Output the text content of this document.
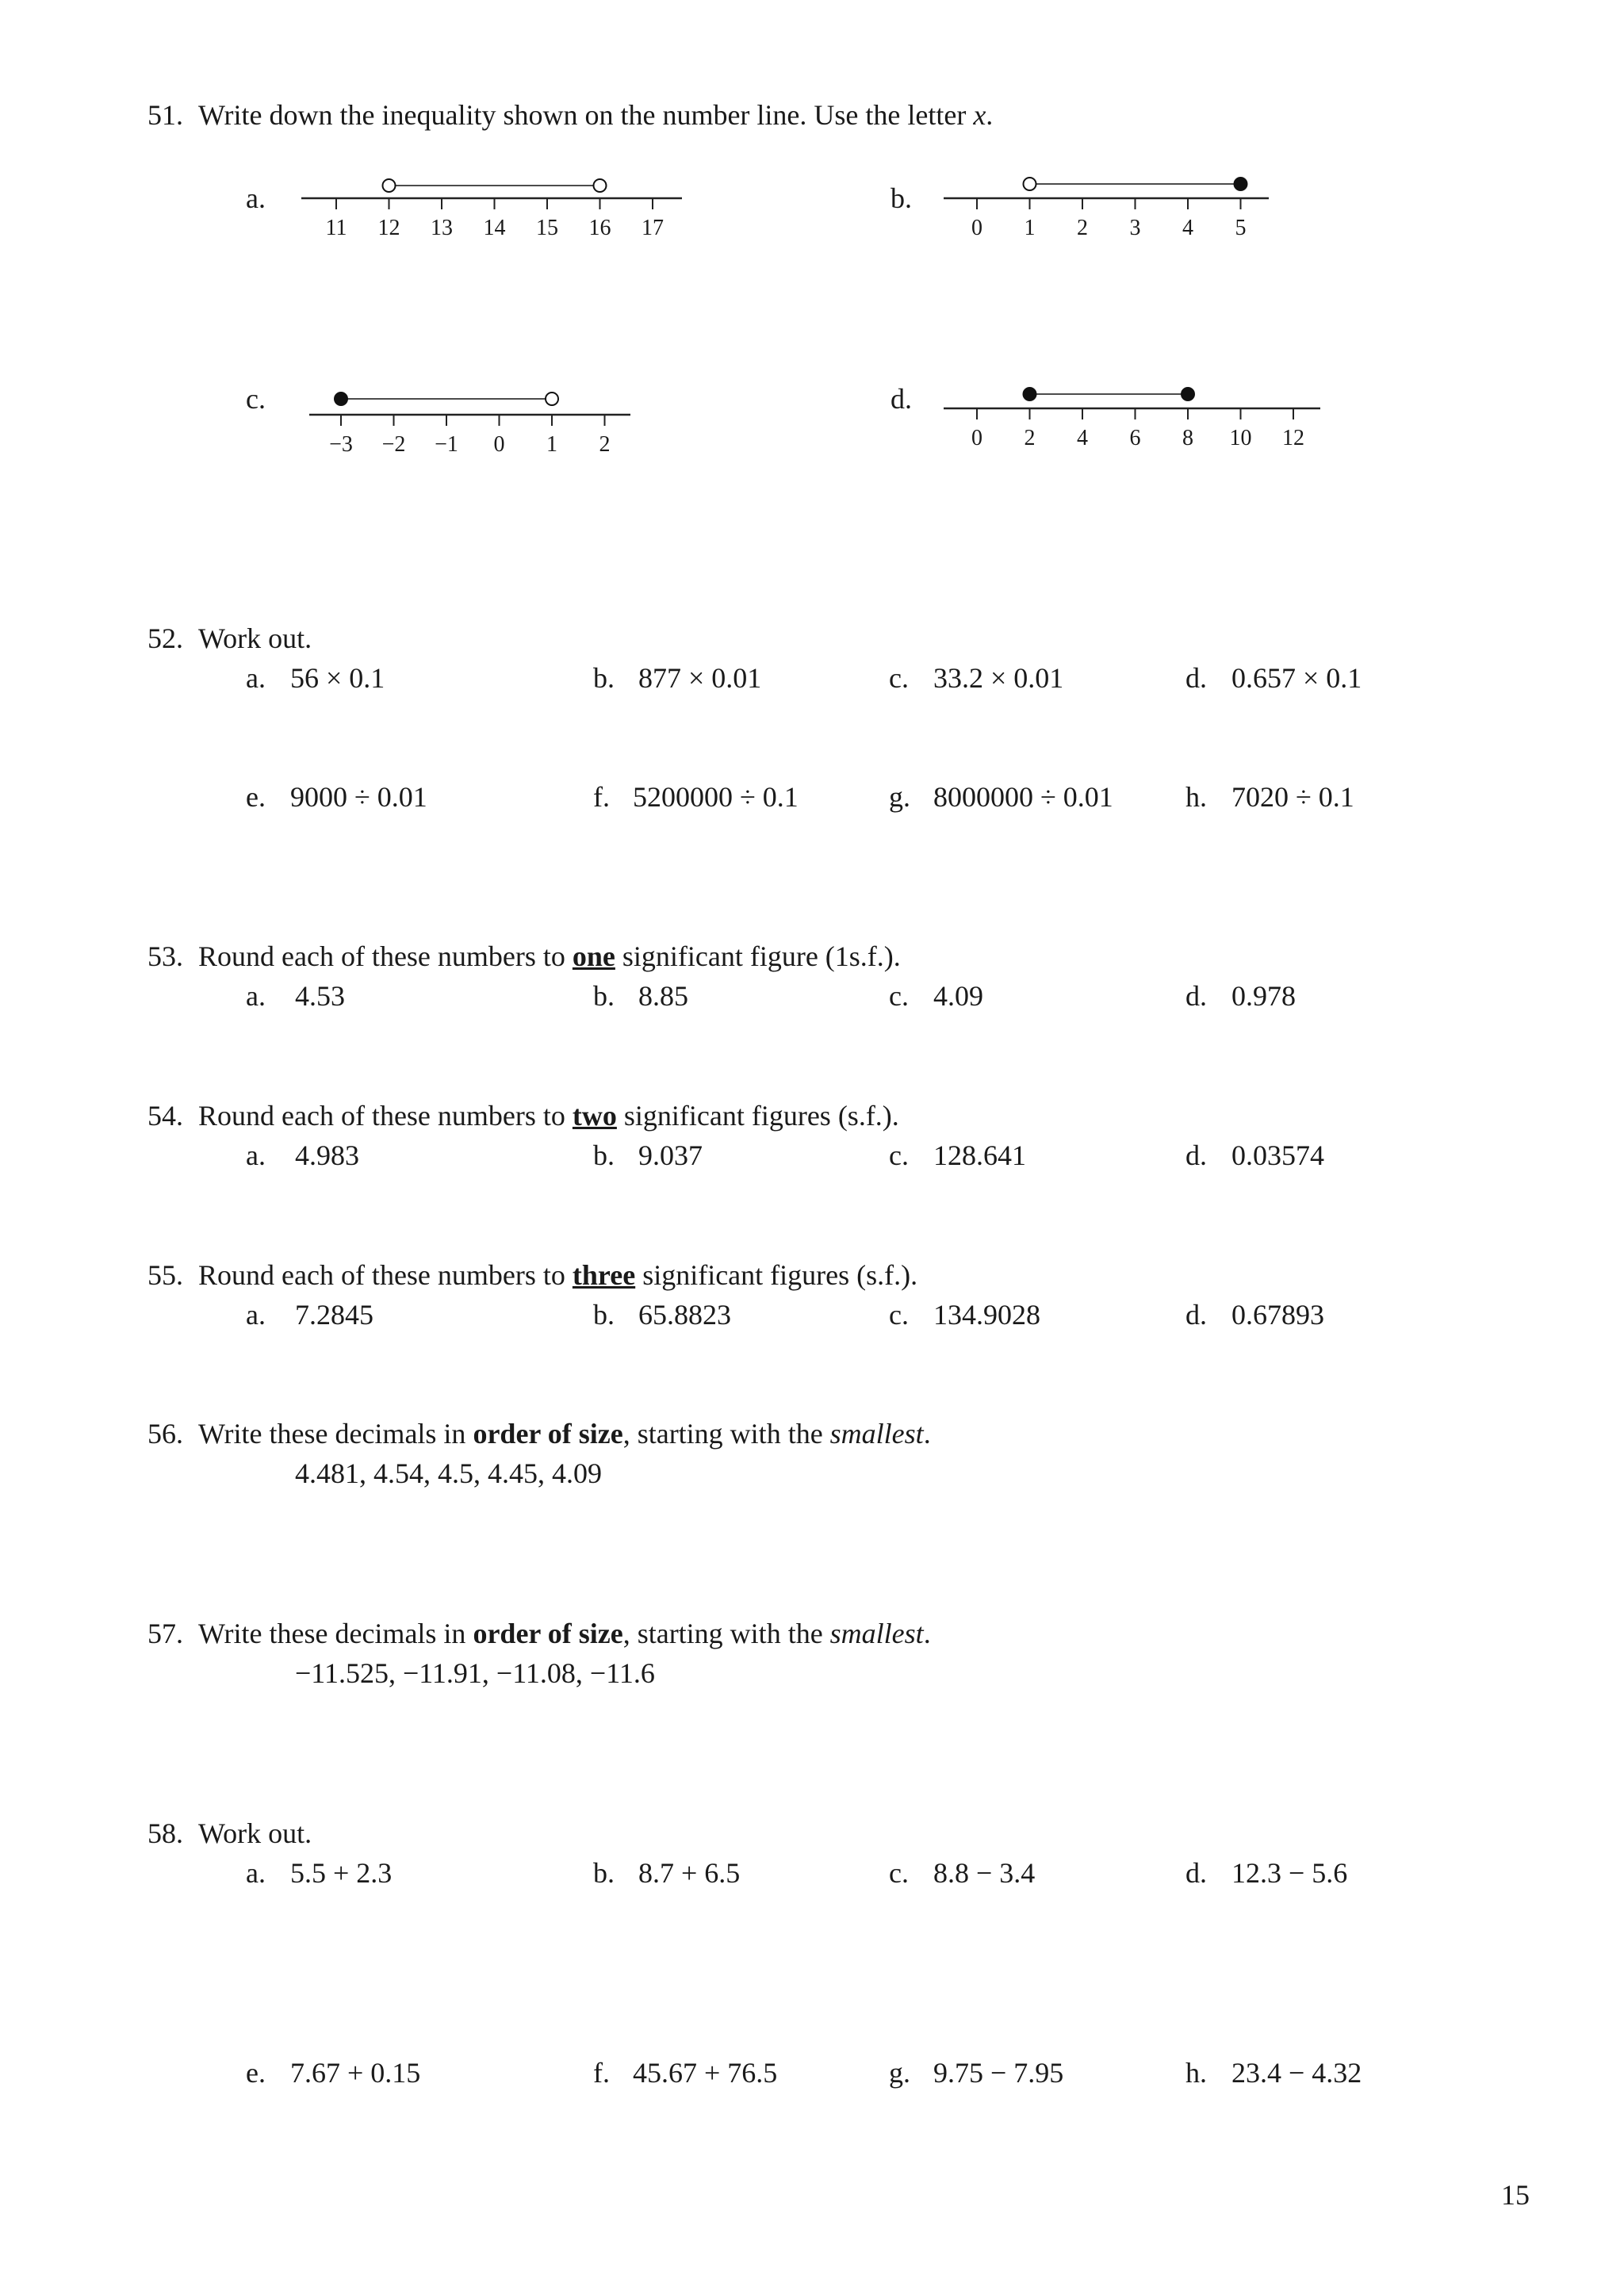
51. Write down the inequality shown on the number line. Use the letter x.
a.	b.
c.	d.
11 12 13 14 15 16 17	0 1 2 3 4 5
−3 −2 −1 0 1 2	0 2 4 6 8 10 12
52. Work out.
a. 56 × 0.1	b. 877 × 0.01	c. 33.2 × 0.01	d. 0.657 × 0.1
e. 9000 ÷ 0.01	f. 5200000 ÷ 0.1	g. 8000000 ÷ 0.01	h. 7020 ÷ 0.1
53. Round each of these numbers to one significant figure (1s.f.).
a. 4.53	b. 8.85	c. 4.09	d. 0.978
54. Round each of these numbers to two significant figures (s.f.).
a. 4.983	b. 9.037	c. 128.641	d. 0.03574
55. Round each of these numbers to three significant figures (s.f.).
a. 7.2845	b. 65.8823	c. 134.9028	d. 0.67893
56. Write these decimals in order of size, starting with the smallest.
4.481, 4.54, 4.5, 4.45, 4.09
57. Write these decimals in order of size, starting with the smallest.
−11.525, −11.91, −11.08, −11.6
58. Work out.
a. 5.5 + 2.3	b. 8.7 + 6.5	c. 8.8 − 3.4	d. 12.3 − 5.6
e. 7.67 + 0.15	f. 45.67 + 76.5	g. 9.75 − 7.95	h. 23.4 − 4.32
15
